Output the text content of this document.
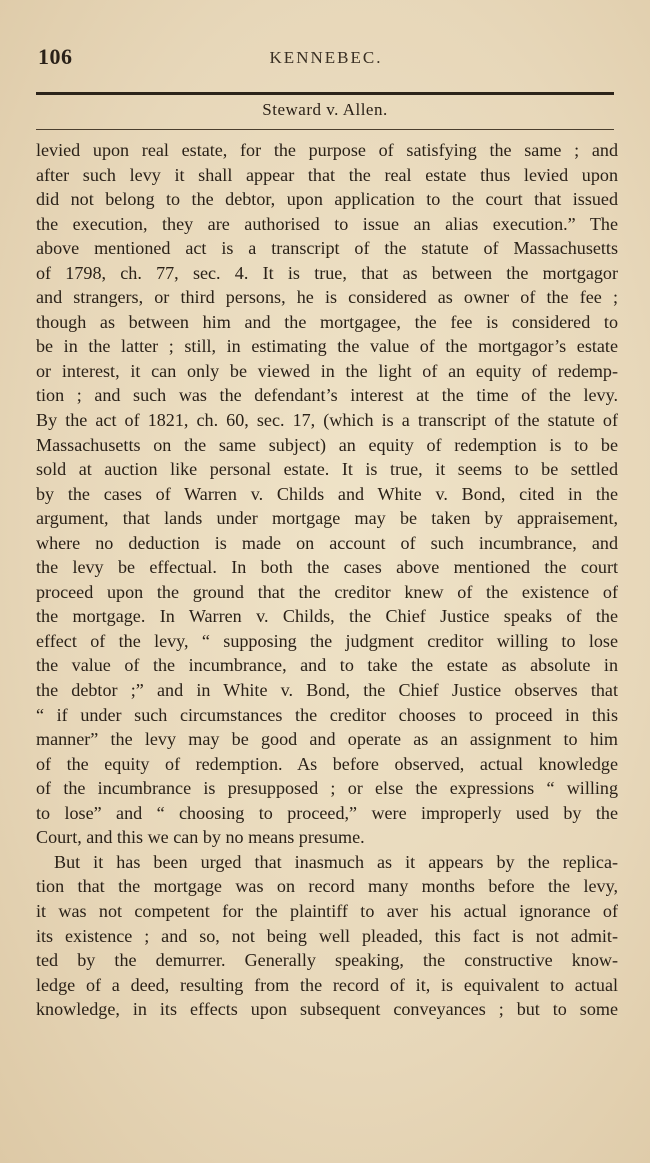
106	KENNEBEC.
Steward v. Allen.
levied upon real estate, for the purpose of satisfying the same ; and
after such levy it shall appear that the real estate thus levied upon
did not belong to the debtor, upon application to the court that issued
the execution, they are authorised to issue an alias execution.” The
above mentioned act is a transcript of the statute of Massachusetts
of 1798, ch. 77, sec. 4. It is true, that as between the mortgagor
and strangers, or third persons, he is considered as owner of the fee ;
though as between him and the mortgagee, the fee is considered to
be in the latter ; still, in estimating the value of the mortgagor’s estate
or interest, it can only be viewed in the light of an equity of redemp-
tion ; and such was the defendant’s interest at the time of the levy.
By the act of 1821, ch. 60, sec. 17, (which is a transcript of the statute of
Massachusetts on the same subject) an equity of redemption is to be
sold at auction like personal estate. It is true, it seems to be settled
by the cases of Warren v. Childs and White v. Bond, cited in the
argument, that lands under mortgage may be taken by appraisement,
where no deduction is made on account of such incumbrance, and
the levy be effectual. In both the cases above mentioned the court
proceed upon the ground that the creditor knew of the existence of
the mortgage. In Warren v. Childs, the Chief Justice speaks of the
effect of the levy, “ supposing the judgment creditor willing to lose
the value of the incumbrance, and to take the estate as absolute in
the debtor ;” and in White v. Bond, the Chief Justice observes that
“ if under such circumstances the creditor chooses to proceed in this
manner” the levy may be good and operate as an assignment to him
of the equity of redemption. As before observed, actual knowledge
of the incumbrance is presupposed ; or else the expressions “ willing
to lose” and “ choosing to proceed,” were improperly used by the
Court, and this we can by no means presume.
But it has been urged that inasmuch as it appears by the replica-
tion that the mortgage was on record many months before the levy,
it was not competent for the plaintiff to aver his actual ignorance of
its existence ; and so, not being well pleaded, this fact is not admit-
ted by the demurrer. Generally speaking, the constructive know-
ledge of a deed, resulting from the record of it, is equivalent to actual
knowledge, in its effects upon subsequent conveyances ; but to some
